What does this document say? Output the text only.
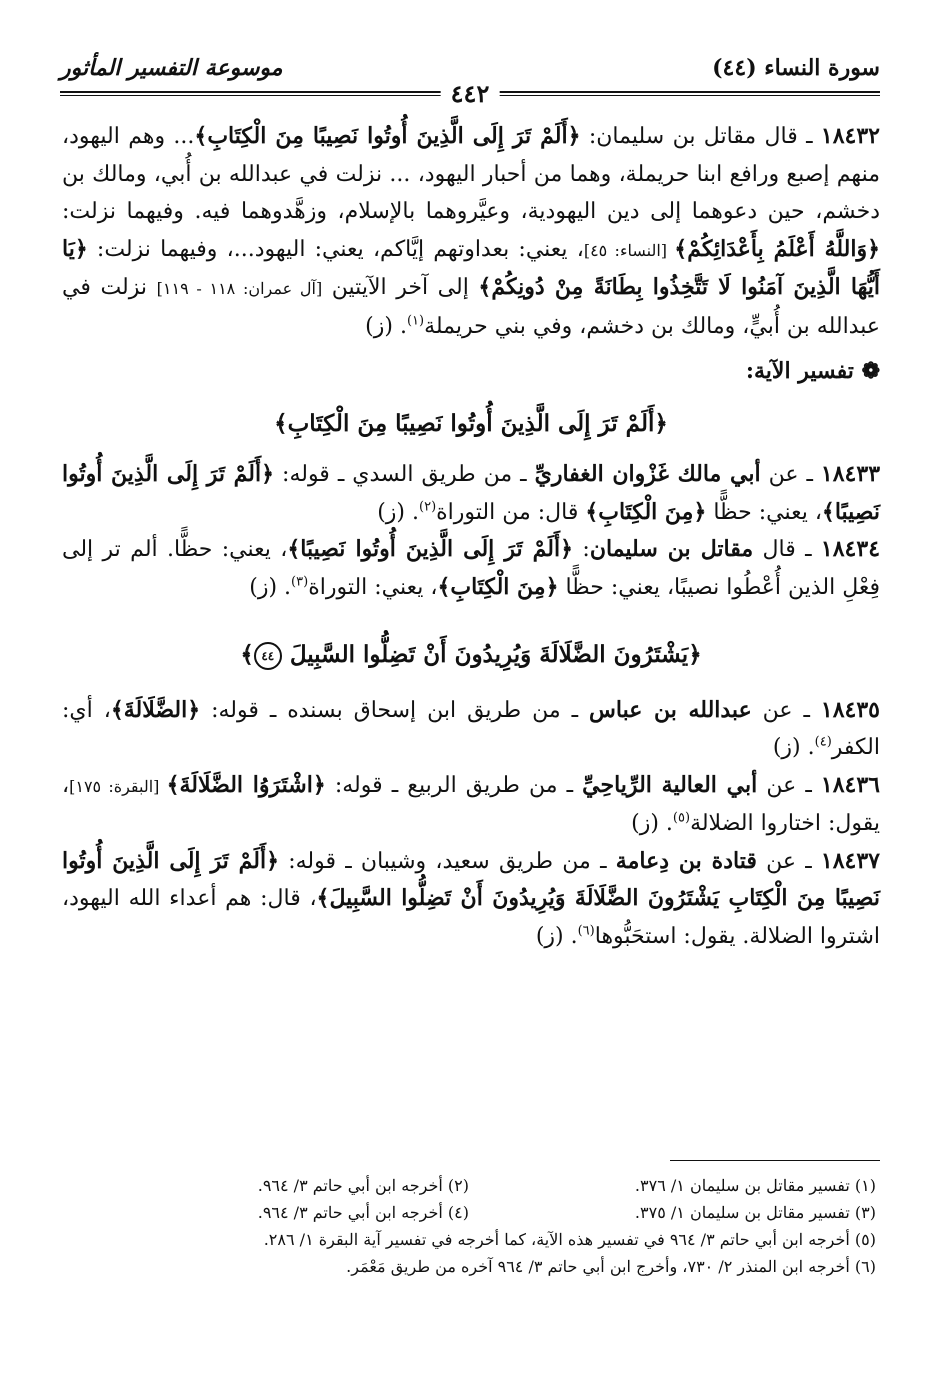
سورة النساء (٤٤)
موسوعة التفسير المأثور
٤٤٢

١٨٤٣٢ ـ قال مقاتل بن سليمان: ﴿أَلَمْ تَرَ إِلَى الَّذِينَ أُوتُوا نَصِيبًا مِنَ الْكِتَابِ﴾... وهم اليهود، منهم إصبع ورافع ابنا حريملة، وهما من أحبار اليهود، ... نزلت في عبدالله بن أُبي، ومالك بن دخشم، حين دعوهما إلى دين اليهودية، وعيَّروهما بالإسلام، وزهَّدوهما فيه. وفيهما نزلت: ﴿وَاللَّهُ أَعْلَمُ بِأَعْدَائِكُمْ﴾ [النساء: ٤٥]، يعني: بعداوتهم إيَّاكم، يعني: اليهود...، وفيهما نزلت: ﴿يَا أَيُّهَا الَّذِينَ آمَنُوا لَا تَتَّخِذُوا بِطَانَةً مِنْ دُونِكُمْ﴾ إلى آخر الآيتين [آل عمران: ١١٨ - ١١٩] نزلت في عبدالله بن أُبيٍّ، ومالك بن دخشم، وفي بني حريملة$^{(١)}$. (ز)

❁ تفسير الآية:

﴿أَلَمْ تَرَ إِلَى الَّذِينَ أُوتُوا نَصِيبًا مِنَ الْكِتَابِ﴾

١٨٤٣٣ ـ عن أبي مالك غَزْوان الغفاريِّ ـ من طريق السدي ـ قوله: ﴿أَلَمْ تَرَ إِلَى الَّذِينَ أُوتُوا نَصِيبًا﴾، يعني: حظًّا ﴿مِنَ الْكِتَابِ﴾ قال: من التوراة$^{(٢)}$. (ز)

١٨٤٣٤ ـ قال مقاتل بن سليمان: ﴿أَلَمْ تَرَ إِلَى الَّذِينَ أُوتُوا نَصِيبًا﴾، يعني: حظًّا. ألم تر إلى فِعْلِ الذين أُعْطُوا نصيبًا، يعني: حظًّا ﴿مِنَ الْكِتَابِ﴾، يعني: التوراة$^{(٣)}$. (ز)

﴿يَشْتَرُونَ الضَّلَالَةَ وَيُرِيدُونَ أَنْ تَضِلُّوا السَّبِيلَ ٤٤﴾

١٨٤٣٥ ـ عن عبدالله بن عباس ـ من طريق ابن إسحاق بسنده ـ قوله: ﴿الضَّلَالَةَ﴾، أي: الكفر$^{(٤)}$. (ز)

١٨٤٣٦ ـ عن أبي العالية الرِّياحِيِّ ـ من طريق الربيع ـ قوله: ﴿اشْتَرَوُا الضَّلَالَةَ﴾ [البقرة: ١٧٥]، يقول: اختاروا الضلالة$^{(٥)}$. (ز)

١٨٤٣٧ ـ عن قتادة بن دِعامة ـ من طريق سعيد، وشيبان ـ قوله: ﴿أَلَمْ تَرَ إِلَى الَّذِينَ أُوتُوا نَصِيبًا مِنَ الْكِتَابِ يَشْتَرُونَ الضَّلَالَةَ وَيُرِيدُونَ أَنْ تَضِلُّوا السَّبِيلَ﴾، قال: هم أعداء الله اليهود، اشتروا الضلالة. يقول: استحَبُّوها$^{(٦)}$. (ز)

(١) تفسير مقاتل بن سليمان ١/ ٣٧٦.
(٢) أخرجه ابن أبي حاتم ٣/ ٩٦٤.
(٣) تفسير مقاتل بن سليمان ١/ ٣٧٥.
(٤) أخرجه ابن أبي حاتم ٣/ ٩٦٤.
(٥) أخرجه ابن أبي حاتم ٣/ ٩٦٤ في تفسير هذه الآية، كما أخرجه في تفسير آية البقرة ١/ ٢٨٦.
(٦) أخرجه ابن المنذر ٢/ ٧٣٠، وأخرج ابن أبي حاتم ٣/ ٩٦٤ آخره من طريق مَعْمَر.
